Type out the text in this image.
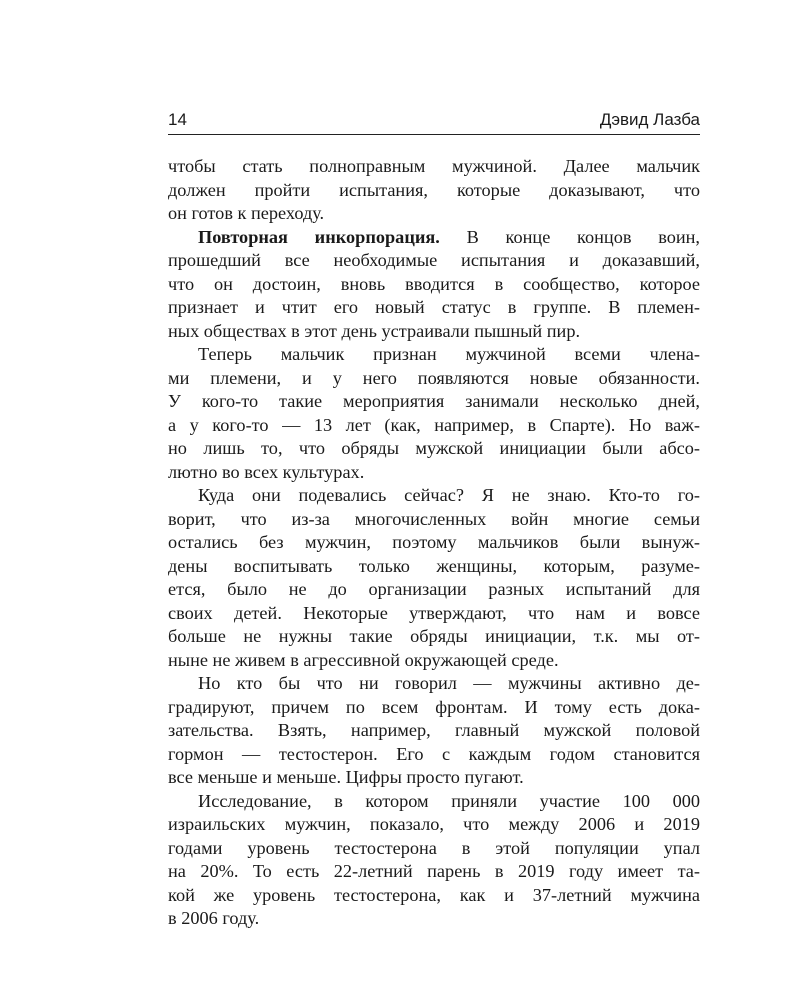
14	Дэвид Лазба
чтобы стать полноправным мужчиной. Далее мальчик
должен пройти испытания, которые доказывают, что
он готов к переходу.
Повторная инкорпорация. В конце концов воин,
прошедший все необходимые испытания и доказавший,
что он достоин, вновь вводится в сообщество, которое
признает и чтит его новый статус в группе. В племен-
ных обществах в этот день устраивали пышный пир.
Теперь мальчик признан мужчиной всеми члена-
ми племени, и у него появляются новые обязанности.
У кого-то такие мероприятия занимали несколько дней,
а у кого-то — 13 лет (как, например, в Спарте). Но важ-
но лишь то, что обряды мужской инициации были абсо-
лютно во всех культурах.
Куда они подевались сейчас? Я не знаю. Кто-то го-
ворит, что из-за многочисленных войн многие семьи
остались без мужчин, поэтому мальчиков были вынуж-
дены воспитывать только женщины, которым, разуме-
ется, было не до организации разных испытаний для
своих детей. Некоторые утверждают, что нам и вовсе
больше не нужны такие обряды инициации, т.к. мы от-
ныне не живем в агрессивной окружающей среде.
Но кто бы что ни говорил — мужчины активно де-
градируют, причем по всем фронтам. И тому есть дока-
зательства. Взять, например, главный мужской половой
гормон — тестостерон. Его с каждым годом становится
все меньше и меньше. Цифры просто пугают.
Исследование, в котором приняли участие 100 000
израильских мужчин, показало, что между 2006 и 2019
годами уровень тестостерона в этой популяции упал
на 20%. То есть 22-летний парень в 2019 году имеет та-
кой же уровень тестостерона, как и 37-летний мужчина
в 2006 году.
